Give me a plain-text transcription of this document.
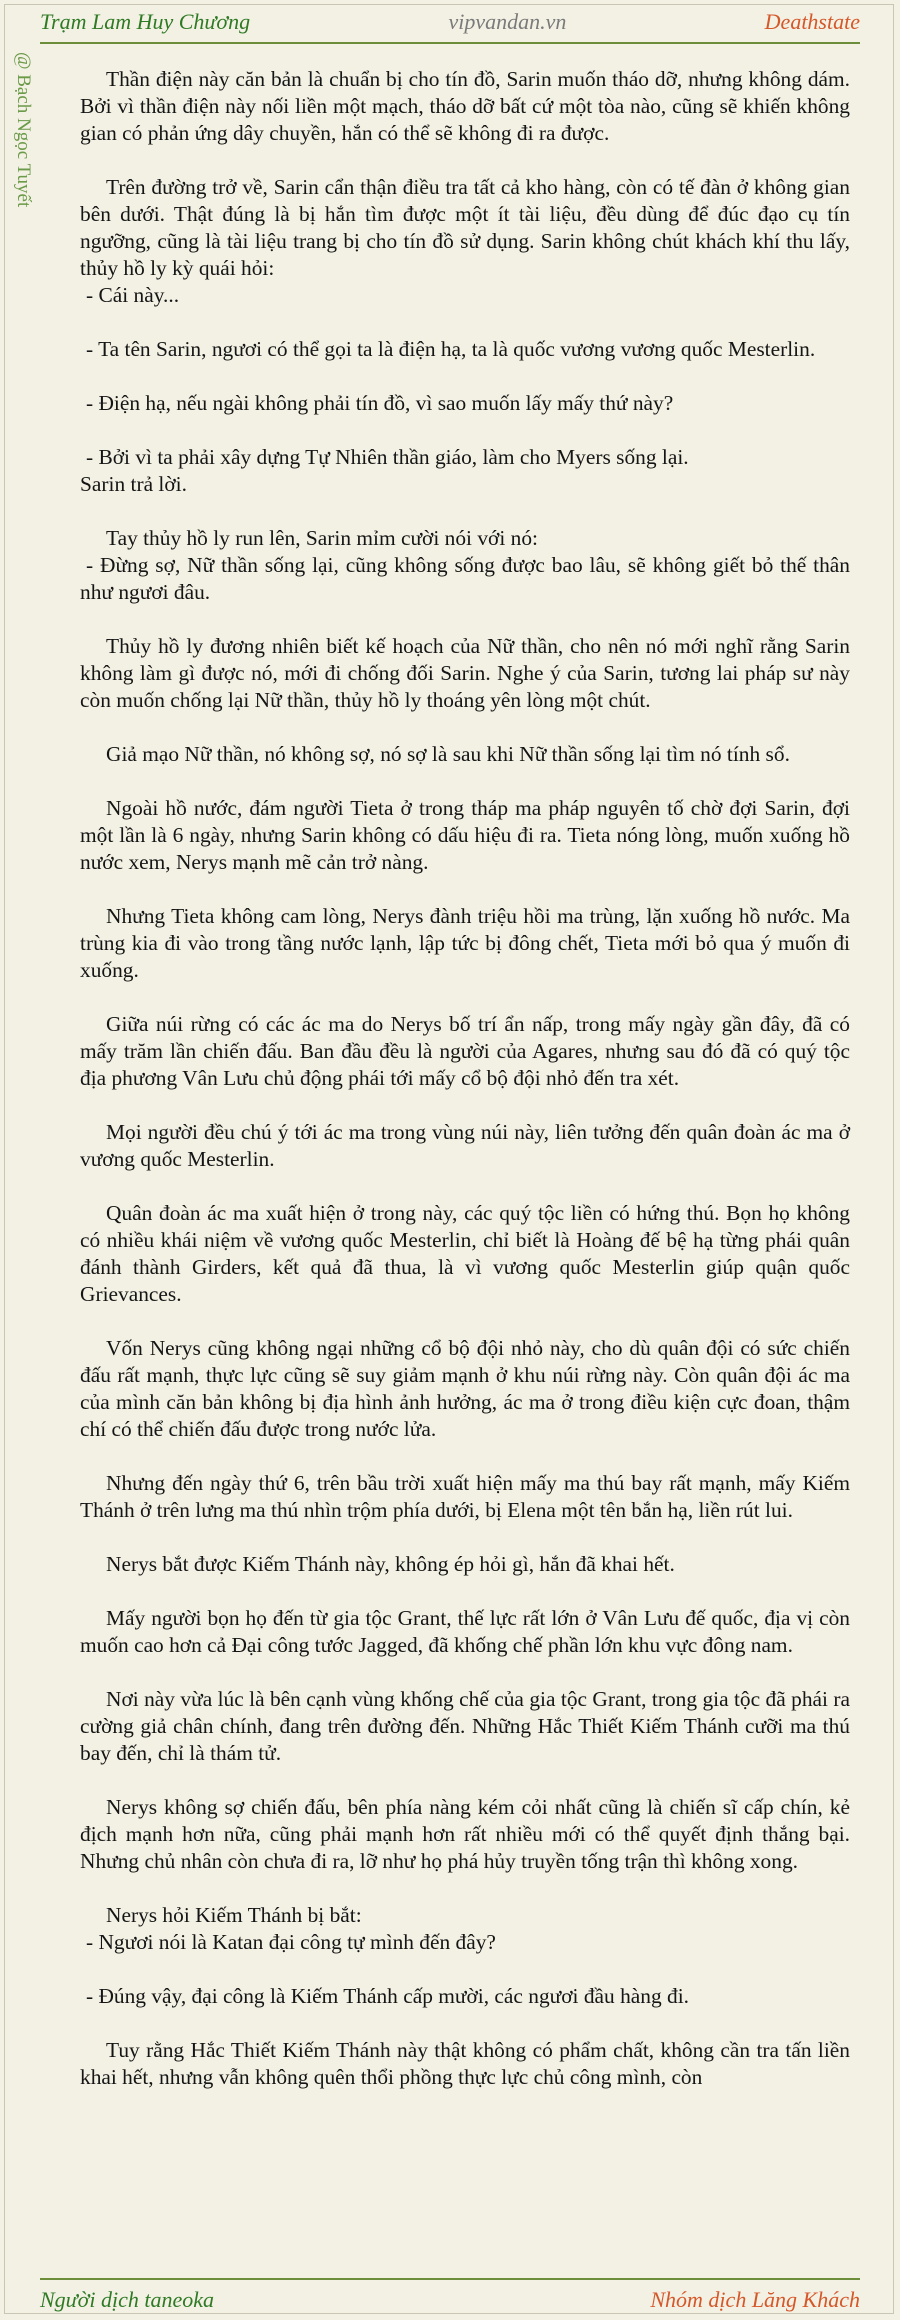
Trạm Lam Huy Chương	vipvandan.vn	Deathstate
@ Bạch Ngọc Tuyết	Thần điện này căn bản là chuẩn bị cho tín đồ, Sarin muốn tháo dỡ, nhưng không dám. Bởi vì thần điện này nối liền một mạch, tháo dỡ bất cứ một tòa nào, cũng sẽ khiến không gian có phản ứng dây chuyền, hắn có thể sẽ không đi ra được.

Trên đường trở về, Sarin cẩn thận điều tra tất cả kho hàng, còn có tế đàn ở không gian bên dưới. Thật đúng là bị hắn tìm được một ít tài liệu, đều dùng để đúc đạo cụ tín ngưỡng, cũng là tài liệu trang bị cho tín đồ sử dụng. Sarin không chút khách khí thu lấy, thủy hồ ly kỳ quái hỏi:

- Cái này...

- Ta tên Sarin, ngươi có thể gọi ta là điện hạ, ta là quốc vương vương quốc Mesterlin.

- Điện hạ, nếu ngài không phải tín đồ, vì sao muốn lấy mấy thứ này?

- Bởi vì ta phải xây dựng Tự Nhiên thần giáo, làm cho Myers sống lại.

Sarin trả lời.

Tay thủy hồ ly run lên, Sarin mỉm cười nói với nó:

- Đừng sợ, Nữ thần sống lại, cũng không sống được bao lâu, sẽ không giết bỏ thế thân như ngươi đâu.

Thủy hồ ly đương nhiên biết kế hoạch của Nữ thần, cho nên nó mới nghĩ rằng Sarin không làm gì được nó, mới đi chống đối Sarin. Nghe ý của Sarin, tương lai pháp sư này còn muốn chống lại Nữ thần, thủy hồ ly thoáng yên lòng một chút.

Giả mạo Nữ thần, nó không sợ, nó sợ là sau khi Nữ thần sống lại tìm nó tính sổ.

Ngoài hồ nước, đám người Tieta ở trong tháp ma pháp nguyên tố chờ đợi Sarin, đợi một lần là 6 ngày, nhưng Sarin không có dấu hiệu đi ra. Tieta nóng lòng, muốn xuống hồ nước xem, Nerys mạnh mẽ cản trở nàng.

Nhưng Tieta không cam lòng, Nerys đành triệu hồi ma trùng, lặn xuống hồ nước. Ma trùng kia đi vào trong tầng nước lạnh, lập tức bị đông chết, Tieta mới bỏ qua ý muốn đi xuống.

Giữa núi rừng có các ác ma do Nerys bố trí ẩn nấp, trong mấy ngày gần đây, đã có mấy trăm lần chiến đấu. Ban đầu đều là người của Agares, nhưng sau đó đã có quý tộc địa phương Vân Lưu chủ động phái tới mấy cổ bộ đội nhỏ đến tra xét.

Mọi người đều chú ý tới ác ma trong vùng núi này, liên tưởng đến quân đoàn ác ma ở vương quốc Mesterlin.

Quân đoàn ác ma xuất hiện ở trong này, các quý tộc liền có hứng thú. Bọn họ không có nhiều khái niệm về vương quốc Mesterlin, chỉ biết là Hoàng đế bệ hạ từng phái quân đánh thành Girders, kết quả đã thua, là vì vương quốc Mesterlin giúp quận quốc Grievances.

Vốn Nerys cũng không ngại những cổ bộ đội nhỏ này, cho dù quân đội có sức chiến đấu rất mạnh, thực lực cũng sẽ suy giảm mạnh ở khu núi rừng này. Còn quân đội ác ma của mình căn bản không bị địa hình ảnh hưởng, ác ma ở trong điều kiện cực đoan, thậm chí có thể chiến đấu được trong nước lửa.

Nhưng đến ngày thứ 6, trên bầu trời xuất hiện mấy ma thú bay rất mạnh, mấy Kiếm Thánh ở trên lưng ma thú nhìn trộm phía dưới, bị Elena một tên bắn hạ, liền rút lui.

Nerys bắt được Kiếm Thánh này, không ép hỏi gì, hắn đã khai hết.

Mấy người bọn họ đến từ gia tộc Grant, thế lực rất lớn ở Vân Lưu đế quốc, địa vị còn muốn cao hơn cả Đại công tước Jagged, đã khống chế phần lớn khu vực đông nam.

Nơi này vừa lúc là bên cạnh vùng khống chế của gia tộc Grant, trong gia tộc đã phái ra cường giả chân chính, đang trên đường đến. Những Hắc Thiết Kiếm Thánh cưỡi ma thú bay đến, chỉ là thám tử.

Nerys không sợ chiến đấu, bên phía nàng kém cỏi nhất cũng là chiến sĩ cấp chín, kẻ địch mạnh hơn nữa, cũng phải mạnh hơn rất nhiều mới có thể quyết định thắng bại. Nhưng chủ nhân còn chưa đi ra, lỡ như họ phá hủy truyền tống trận thì không xong.

Nerys hỏi Kiếm Thánh bị bắt:

- Ngươi nói là Katan đại công tự mình đến đây?

- Đúng vậy, đại công là Kiếm Thánh cấp mười, các ngươi đầu hàng đi.

Tuy rằng Hắc Thiết Kiếm Thánh này thật không có phẩm chất, không cần tra tấn liền khai hết, nhưng vẫn không quên thổi phồng thực lực chủ công mình, còn

Người dịch taneoka	Nhóm dịch Lăng Khách
